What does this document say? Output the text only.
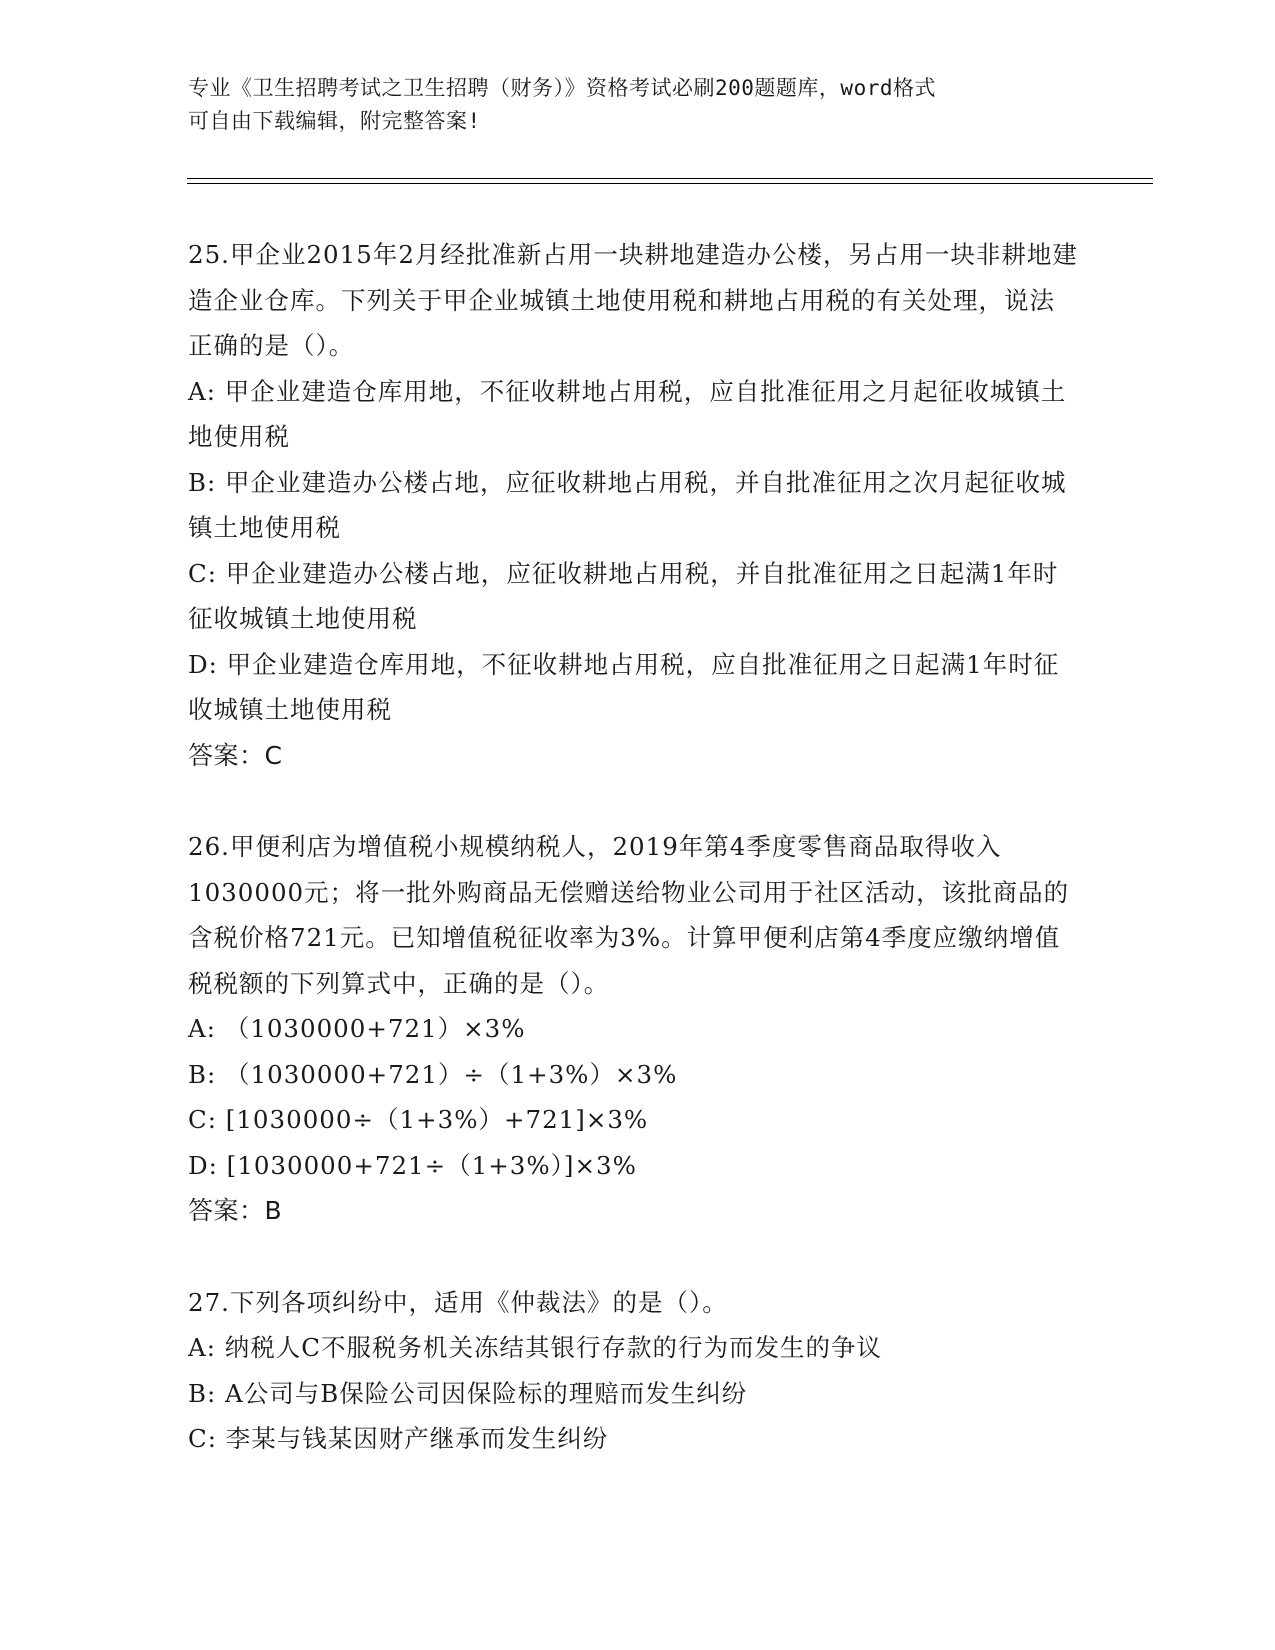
专业《卫生招聘考试之卫生招聘（财务）》资格考试必刷200题题库，word格式

可自由下载编辑，附完整答案!

25.甲企业2015年2月经批准新占用一块耕地建造办公楼，另占用一块非耕地建造企业仓库。下列关于甲企业城镇土地使用税和耕地占用税的有关处理，说法正确的是（）。

A: 甲企业建造仓库用地，不征收耕地占用税，应自批准征用之月起征收城镇土地使用税

B: 甲企业建造办公楼占地，应征收耕地占用税，并自批准征用之次月起征收城镇土地使用税

C: 甲企业建造办公楼占地，应征收耕地占用税，并自批准征用之日起满1年时征收城镇土地使用税

D: 甲企业建造仓库用地，不征收耕地占用税，应自批准征用之日起满1年时征收城镇土地使用税

答案：C

26.甲便利店为增值税小规模纳税人，2019年第4季度零售商品取得收入1030000元；将一批外购商品无偿赠送给物业公司用于社区活动，该批商品的含税价格721元。已知增值税征收率为3%。计算甲便利店第4季度应缴纳增值税税额的下列算式中，正确的是（）。

A: （1030000+721）×3%

B: （1030000+721）÷（1+3%）×3%

C: [1030000÷（1+3%）+721]×3%

D: [1030000+721÷（1+3%）]×3%

答案：B

27.下列各项纠纷中，适用《仲裁法》的是（）。

A: 纳税人C不服税务机关冻结其银行存款的行为而发生的争议

B: A公司与B保险公司因保险标的理赔而发生纠纷

C: 李某与钱某因财产继承而发生纠纷
